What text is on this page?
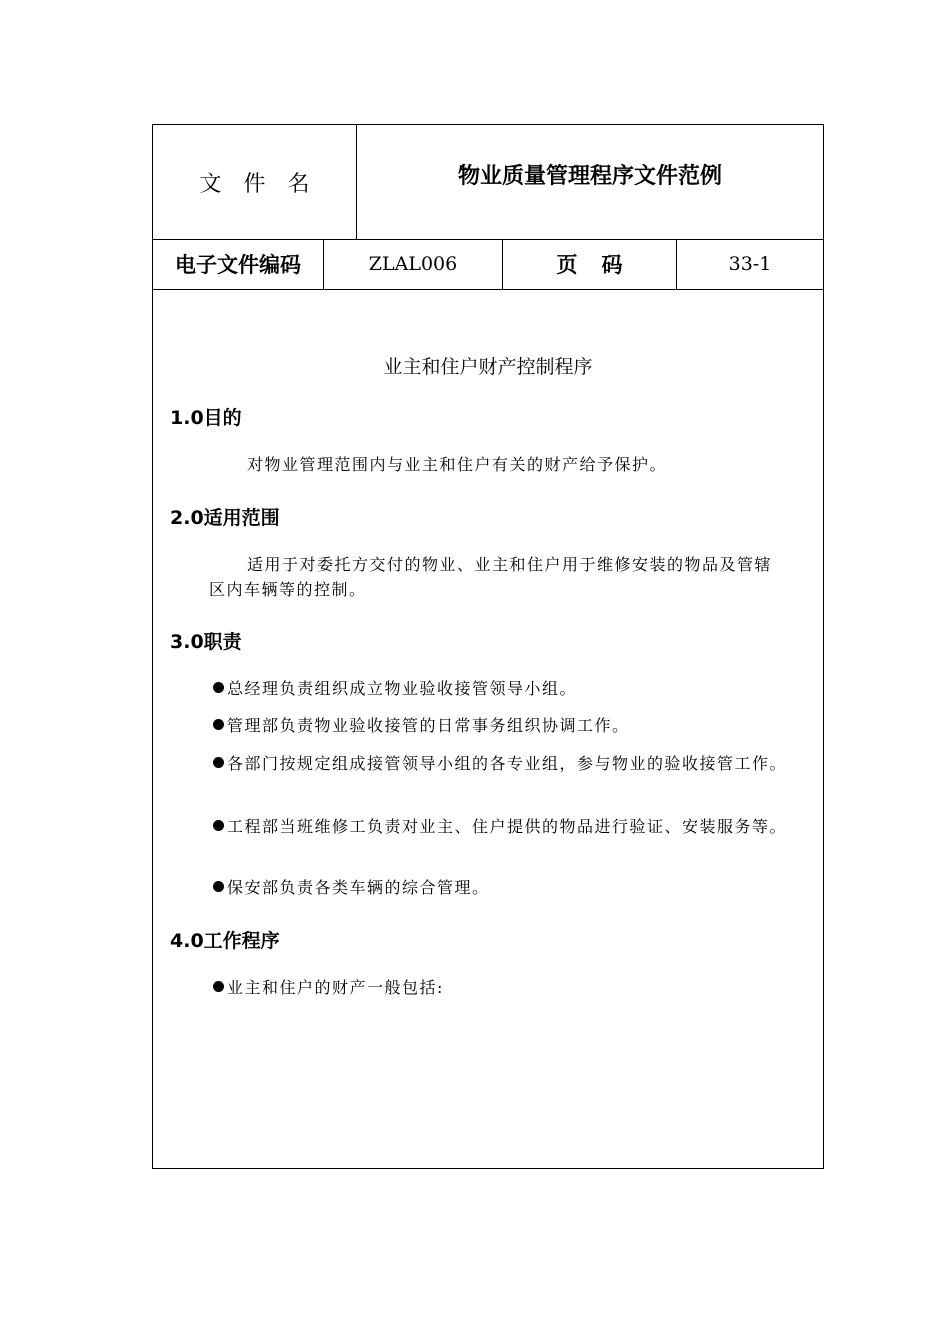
文件名	物业质量管理程序文件范例
电子文件编码	ZLAL006	页码	33-1
业主和住户财产控制程序
1.0目的
对物业管理范围内与业主和住户有关的财产给予保护。
2.0适用范围
适用于对委托方交付的物业、业主和住户用于维修安装的物品及管辖区内车辆等的控制。
3.0职责
总经理负责组织成立物业验收接管领导小组。
管理部负责物业验收接管的日常事务组织协调工作。
各部门按规定组成接管领导小组的各专业组，参与物业的验收接管工作。
工程部当班维修工负责对业主、住户提供的物品进行验证、安装服务等。
保安部负责各类车辆的综合管理。
4.0工作程序
业主和住户的财产一般包括:
